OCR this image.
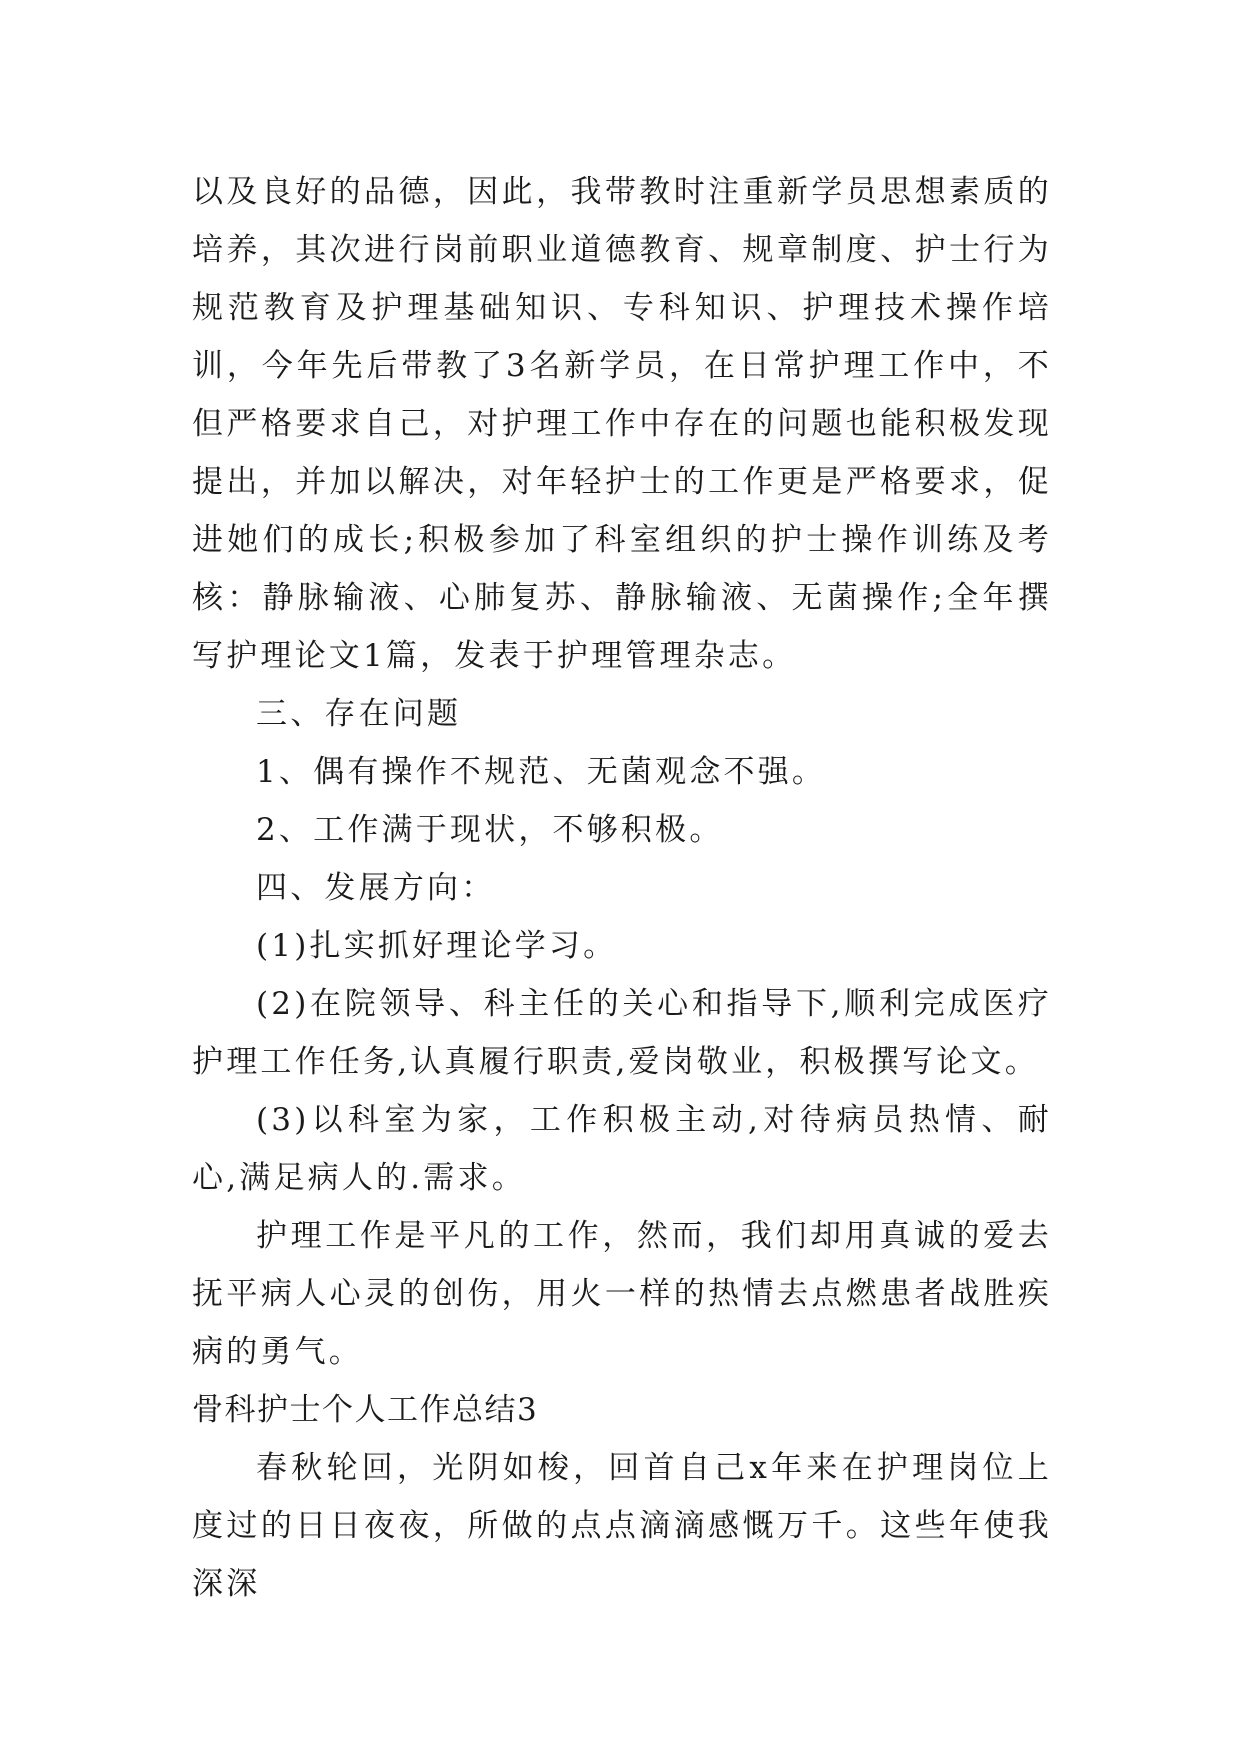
以及良好的品德，因此，我带教时注重新学员思想素质的培养，其次进行岗前职业道德教育、规章制度、护士行为规范教育及护理基础知识、专科知识、护理技术操作培训，今年先后带教了3名新学员，在日常护理工作中，不但严格要求自己，对护理工作中存在的问题也能积极发现提出，并加以解决，对年轻护士的工作更是严格要求，促进她们的成长;积极参加了科室组织的护士操作训练及考核：静脉输液、心肺复苏、静脉输液、无菌操作;全年撰写护理论文1篇，发表于护理管理杂志。

三、存在问题

1、偶有操作不规范、无菌观念不强。

2、工作满于现状，不够积极。

四、发展方向：

(1)扎实抓好理论学习。

(2)在院领导、科主任的关心和指导下,顺利完成医疗护理工作任务,认真履行职责,爱岗敬业，积极撰写论文。

(3)以科室为家，工作积极主动,对待病员热情、耐心,满足病人的.需求。

护理工作是平凡的工作，然而，我们却用真诚的爱去抚平病人心灵的创伤，用火一样的热情去点燃患者战胜疾病的勇气。

骨科护士个人工作总结3

春秋轮回，光阴如梭，回首自己x年来在护理岗位上度过的日日夜夜，所做的点点滴滴感慨万千。这些年使我深深
